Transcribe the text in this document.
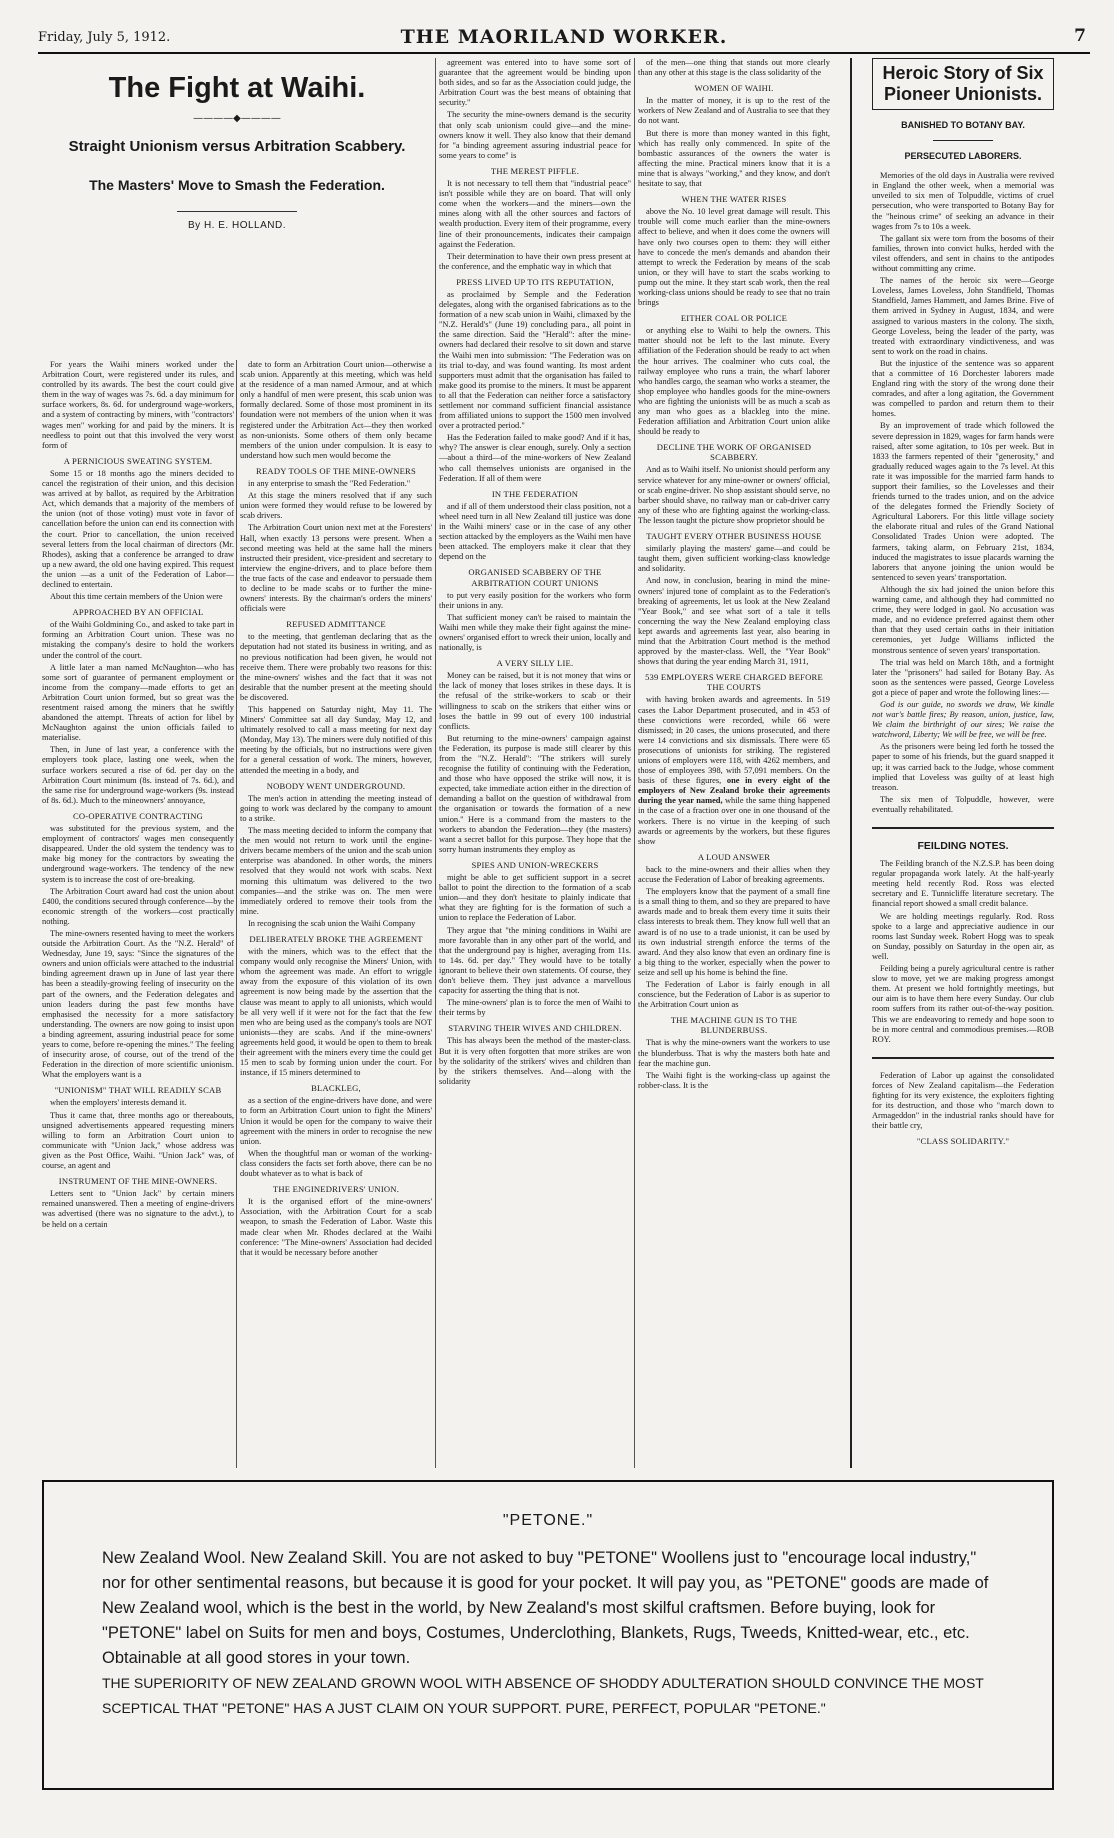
Friday, July 5, 1912.	THE MAORILAND WORKER.	7
The Fight at Waihi.
————◆————
Straight Unionism versus Arbitration Scabbery.
The Masters' Move to Smash the Federation.
By H. E. HOLLAND.

For years the Waihi miners worked under the Arbitration Court, were registered under its rules, and controlled by its awards. The best the court could give them in the way of wages was 7s. 6d. a day minimum for surface workers, 8s. 6d. for underground wage-workers, and a system of contracting by miners, with "contractors' wages men" working for and paid by the miners. It is needless to point out that this involved the very worst form of

A PERNICIOUS SWEATING SYSTEM.

Some 15 or 18 months ago the miners decided to cancel the registration of their union, and this decision was arrived at by ballot, as required by the Arbitration Act, which demands that a majority of the members of the union (not of those voting) must vote in favor of cancellation before the union can end its connection with the court. Prior to cancellation, the union received several letters from the local chairman of directors (Mr. Rhodes), asking that a conference be arranged to draw up a new award, the old one having expired. This request the union —as a unit of the Federation of Labor—declined to entertain.

About this time certain members of the Union were

APPROACHED BY AN OFFICIAL

of the Waihi Goldmining Co., and asked to take part in forming an Arbitration Court union. These was no mistaking the company's desire to hold the workers under the control of the court.

A little later a man named McNaughton—who has some sort of guarantee of permanent employment or income from the company—made efforts to get an Arbitration Court union formed, but so great was the resentment raised among the miners that he swiftly abandoned the attempt. Threats of action for libel by McNaughton against the union officials failed to materialise.

Then, in June of last year, a conference with the employers took place, lasting one week, when the surface workers secured a rise of 6d. per day on the Arbitration Court minimum (8s. instead of 7s. 6d.), and the same rise for underground wage-workers (9s. instead of 8s. 6d.). Much to the mineowners' annoyance,

CO-OPERATIVE CONTRACTING

was substituted for the previous system, and the employment of contractors' wages men consequently disappeared. Under the old system the tendency was to make big money for the contractors by sweating the underground wage-workers. The tendency of the new system is to increase the cost of ore-breaking.

The Arbitration Court award had cost the union about £400, the conditions secured through conference—by the economic strength of the workers—cost practically nothing.

The mine-owners resented having to meet the workers outside the Arbitration Court. As the "N.Z. Herald" of Wednesday, June 19, says: "Since the signatures of the owners and union officials were attached to the industrial binding agreement drawn up in June of last year there has been a steadily-growing feeling of insecurity on the part of the owners, and the Federation delegates and union leaders during the past few months have emphasised the necessity for a more satisfactory understanding. The owners are now going to insist upon a binding agreement, assuring industrial peace for some years to come, before re-opening the mines." The feeling of insecurity arose, of course, out of the trend of the Federation in the direction of more scientific unionism. What the employers want is a

"UNIONISM" THAT WILL READILY SCAB

when the employers' interests demand it.

Thus it came that, three months ago or thereabouts, unsigned advertisements appeared requesting miners willing to form an Arbitration Court union to communicate with "Union Jack," whose address was given as the Post Office, Waihi. "Union Jack" was, of course, an agent and

INSTRUMENT OF THE MINE-OWNERS.

Letters sent to "Union Jack" by certain miners remained unanswered. Then a meeting of engine-drivers was advertised (there was no signature to the advt.), to be held on a certain

date to form an Arbitration Court union—otherwise a scab union. Apparently at this meeting, which was held at the residence of a man named Armour, and at which only a handful of men were present, this scab union was formally declared. Some of those most prominent in its foundation were not members of the union when it was registered under the Arbitration Act—they then worked as non-unionists. Some others of them only became members of the union under compulsion. It is easy to understand how such men would become the

READY TOOLS OF THE MINE-OWNERS

in any enterprise to smash the "Red Federation."

At this stage the miners resolved that if any such union were formed they would refuse to be lowered by scab drivers.

The Arbitration Court union next met at the Foresters' Hall, when exactly 13 persons were present. When a second meeting was held at the same hall the miners instructed their president, vice-president and secretary to interview the engine-drivers, and to place before them the true facts of the case and endeavor to persuade them to decline to be made scabs or to further the mine-owners' interests. By the chairman's orders the miners' officials were

REFUSED ADMITTANCE

to the meeting, that gentleman declaring that as the deputation had not stated its business in writing, and as no previous notification had been given, he would not receive them. There were probably two reasons for this: the mine-owners' wishes and the fact that it was not desirable that the number present at the meeting should be discovered.

This happened on Saturday night, May 11. The Miners' Committee sat all day Sunday, May 12, and ultimately resolved to call a mass meeting for next day (Monday, May 13). The miners were duly notified of this meeting by the officials, but no instructions were given for a general cessation of work. The miners, however, attended the meeting in a body, and

NOBODY WENT UNDERGROUND.

The men's action in attending the meeting instead of going to work was declared by the company to amount to a strike.

The mass meeting decided to inform the company that the men would not return to work until the engine-drivers became members of the union and the scab union enterprise was abandoned. In other words, the miners resolved that they would not work with scabs. Next morning this ultimatum was delivered to the two companies—and the strike was on. The men were immediately ordered to remove their tools from the mine.

In recognising the scab union the Waihi Company

DELIBERATELY BROKE THE AGREEMENT

with the miners, which was to the effect that the company would only recognise the Miners' Union, with whom the agreement was made. An effort to wriggle away from the exposure of this violation of its own agreement is now being made by the assertion that the clause was meant to apply to all unionists, which would be all very well if it were not for the fact that the few men who are being used as the company's tools are NOT unionists—they are scabs. And if the mine-owners' agreements held good, it would be open to them to break their agreement with the miners every time the could get 15 men to scab by forming union under the court. For instance, if 15 miners determined to

BLACKLEG,

as a section of the engine-drivers have done, and were to form an Arbitration Court union to fight the Miners' Union it would be open for the company to waive their agreement with the miners in order to recognise the new union.

When the thoughtful man or woman of the working-class considers the facts set forth above, there can be no doubt whatever as to what is back of

THE ENGINEDRIVERS' UNION.

It is the organised effort of the mine-owners' Association, with the Arbitration Court for a scab weapon, to smash the Federation of Labor. Waste this made clear when Mr. Rhodes declared at the Waihi conference: "The Mine-owners' Association had decided that it would be necessary before another

agreement was entered into to have some sort of guarantee that the agreement would be binding upon both sides, and so far as the Association could judge, the Arbitration Court was the best means of obtaining that security."

The security the mine-owners demand is the security that only scab unionism could give—and the mine-owners know it well. They also know that their demand for "a binding agreement assuring industrial peace for some years to come" is

THE MEREST PIFFLE.

It is not necessary to tell them that "industrial peace" isn't possible while they are on board. That will only come when the workers—and the miners—own the mines along with all the other sources and factors of wealth production. Every item of their programme, every line of their pronouncements, indicates their campaign against the Federation.

Their determination to have their own press present at the conference, and the emphatic way in which that

PRESS LIVED UP TO ITS REPUTATION,

as proclaimed by Semple and the Federation delegates, along with the organised fabrications as to the formation of a new scab union in Waihi, climaxed by the "N.Z. Herald's" (June 19) concluding para., all point in the same direction. Said the "Herald": after the mine-owners had declared their resolve to sit down and starve the Waihi men into submission: "The Federation was on its trial to-day, and was found wanting. Its most ardent supporters must admit that the organisation has failed to make good its promise to the miners. It must be apparent to all that the Federation can neither force a satisfactory settlement nor command sufficient financial assistance from affiliated unions to support the 1500 men involved over a protracted period."

Has the Federation failed to make good? And if it has, why? The answer is clear enough, surely. Only a section—about a third—of the mine-workers of New Zealand who call themselves unionists are organised in the Federation. If all of them were

IN THE FEDERATION

and if all of them understood their class position, not a wheel need turn in all New Zealand till justice was done in the Waihi miners' case or in the case of any other section attacked by the employers as the Waihi men have been attacked. The employers make it clear that they depend on the

ORGANISED SCABBERY OF THE ARBITRATION COURT UNIONS

to put very easily position for the workers who form their unions in any.

That sufficient money can't be raised to maintain the Waihi men while they make their fight against the mine-owners' organised effort to wreck their union, locally and nationally, is

A VERY SILLY LIE.

Money can be raised, but it is not money that wins or the lack of money that loses strikes in these days. It is the refusal of the strike-workers to scab or their willingness to scab on the strikers that either wins or loses the battle in 99 out of every 100 industrial conflicts.

But returning to the mine-owners' campaign against the Federation, its purpose is made still clearer by this from the "N.Z. Herald": "The strikers will surely recognise the futility of continuing with the Federation, and those who have opposed the strike will now, it is expected, take immediate action either in the direction of demanding a ballot on the question of withdrawal from the organisation or towards the formation of a new union." Here is a command from the masters to the workers to abandon the Federation—they (the masters) want a secret ballot for this purpose. They hope that the sorry human instruments they employ as

SPIES AND UNION-WRECKERS

might be able to get sufficient support in a secret ballot to point the direction to the formation of a scab union—and they don't hesitate to plainly indicate that what they are fighting for is the formation of such a union to replace the Federation of Labor.

They argue that "the mining conditions in Waihi are more favorable than in any other part of the world, and that the underground pay is higher, averaging from 11s. to 14s. 6d. per day." They would have to be totally ignorant to believe their own statements. Of course, they don't believe them. They just advance a marvellous capacity for asserting the thing that is not.

The mine-owners' plan is to force the men of Waihi to their terms by

STARVING THEIR WIVES AND CHILDREN.

This has always been the method of the master-class. But it is very often forgotten that more strikes are won by the solidarity of the strikers' wives and children than by the strikers themselves. And—along with the solidarity

of the men—one thing that stands out more clearly than any other at this stage is the class solidarity of the

WOMEN OF WAIHI.

In the matter of money, it is up to the rest of the workers of New Zealand and of Australia to see that they do not want.

But there is more than money wanted in this fight, which has really only commenced. In spite of the bombastic assurances of the owners the water is affecting the mine. Practical miners know that it is a mine that is always "working," and they know, and don't hesitate to say, that

WHEN THE WATER RISES

above the No. 10 level great damage will result. This trouble will come much earlier than the mine-owners affect to believe, and when it does come the owners will have only two courses open to them: they will either have to concede the men's demands and abandon their attempt to wreck the Federation by means of the scab union, or they will have to start the scabs working to pump out the mine. It they start scab work, then the real working-class unions should be ready to see that no train brings

EITHER COAL OR POLICE

or anything else to Waihi to help the owners. This matter should not be left to the last minute. Every affiliation of the Federation should be ready to act when the hour arrives. The coalminer who cuts coal, the railway employee who runs a train, the wharf laborer who handles cargo, the seaman who works a steamer, the shop employee who handles goods for the mine-owners who are fighting the unionists will be as much a scab as any man who goes as a blackleg into the mine. Federation affiliation and Arbitration Court union alike should be ready to

DECLINE THE WORK OF ORGANISED SCABBERY.

And as to Waihi itself. No unionist should perform any service whatever for any mine-owner or owners' official, or scab engine-driver. No shop assistant should serve, no barber should shave, no railway man or cab-driver carry any of these who are fighting against the working-class. The lesson taught the picture show proprietor should be

TAUGHT EVERY OTHER BUSINESS HOUSE

similarly playing the masters' game—and could be taught them, given sufficient working-class knowledge and solidarity.

And now, in conclusion, bearing in mind the mine-owners' injured tone of complaint as to the Federation's breaking of agreements, let us look at the New Zealand "Year Book," and see what sort of a tale it tells concerning the way the New Zealand employing class kept awards and agreements last year, also bearing in mind that the Arbitration Court method is the method approved by the master-class. Well, the "Year Book" shows that during the year ending March 31, 1911,

539 EMPLOYERS WERE CHARGED BEFORE THE COURTS

with having broken awards and agreements. In 519 cases the Labor Department prosecuted, and in 453 of these convictions were recorded, while 66 were dismissed; in 20 cases, the unions prosecuted, and there were 14 convictions and six dismissals. There were 65 prosecutions of unionists for striking. The registered unions of employers were 118, with 4262 members, and those of employees 398, with 57,091 members. On the basis of these figures, one in every eight of the employers of New Zealand broke their agreements during the year named, while the same thing happened in the case of a fraction over one in one thousand of the workers. There is no virtue in the keeping of such awards or agreements by the workers, but these figures show

A LOUD ANSWER

back to the mine-owners and their allies when they accuse the Federation of Labor of breaking agreements.

The employers know that the payment of a small fine is a small thing to them, and so they are prepared to have awards made and to break them every time it suits their class interests to break them. They know full well that an award is of no use to a trade unionist, it can be used by its own industrial strength enforce the terms of the award. And they also know that even an ordinary fine is a big thing to the worker, especially when the power to seize and sell up his home is behind the fine.

The Federation of Labor is fairly enough in all conscience, but the Federation of Labor is as superior to the Arbitration Court union as

THE MACHINE GUN IS TO THE BLUNDERBUSS.

That is why the mine-owners want the workers to use the blunderbuss. That is why the masters both hate and fear the machine gun.

The Waihi fight is the working-class up against the robber-class. It is the

Heroic Story of Six Pioneer Unionists.
BANISHED TO BOTANY BAY.
PERSECUTED LABORERS.

Memories of the old days in Australia were revived in England the other week, when a memorial was unveiled to six men of Tolpuddle, victims of cruel persecution, who were transported to Botany Bay for the "heinous crime" of seeking an advance in their wages from 7s to 10s a week.

The gallant six were torn from the bosoms of their families, thrown into convict hulks, herded with the vilest offenders, and sent in chains to the antipodes without committing any crime.

The names of the heroic six were—George Loveless, James Loveless, John Standfield, Thomas Standfield, James Hammett, and James Brine. Five of them arrived in Sydney in August, 1834, and were assigned to various masters in the colony. The sixth, George Loveless, being the leader of the party, was treated with extraordinary vindictiveness, and was sent to work on the road in chains.

But the injustice of the sentence was so apparent that a committee of 16 Dorchester laborers made England ring with the story of the wrong done their comrades, and after a long agitation, the Government was compelled to pardon and return them to their homes.

By an improvement of trade which followed the severe depression in 1829, wages for farm hands were raised, after some agitation, to 10s per week. But in 1833 the farmers repented of their "generosity," and gradually reduced wages again to the 7s level. At this rate it was impossible for the married farm hands to support their families, so the Lovelesses and their friends turned to the trades union, and on the advice of the delegates formed the Friendly Society of Agricultural Laborers. For this little village society the elaborate ritual and rules of the Grand National Consolidated Trades Union were adopted. The farmers, taking alarm, on February 21st, 1834, induced the magistrates to issue placards warning the laborers that anyone joining the union would be sentenced to seven years' transportation.

Although the six had joined the union before this warning came, and although they had committed no crime, they were lodged in gaol. No accusation was made, and no evidence preferred against them other than that they used certain oaths in their initiation ceremonies, yet Judge Williams inflicted the monstrous sentence of seven years' transportation.

The trial was held on March 18th, and a fortnight later the "prisoners" had sailed for Botany Bay. As soon as the sentences were passed, George Loveless got a piece of paper and wrote the following lines:—

God is our guide, no swords we draw, We kindle not war's battle fires; By reason, union, justice, law, We claim the birthright of our sires; We raise the watchword, Liberty; We will be free, we will be free.

As the prisoners were being led forth he tossed the paper to some of his friends, but the guard snapped it up; it was carried back to the Judge, whose comment implied that Loveless was guilty of at least high treason.

The six men of Tolpuddle, however, were eventually rehabilitated.

FEILDING NOTES.

The Feilding branch of the N.Z.S.P. has been doing regular propaganda work lately. At the half-yearly meeting held recently Rod. Ross was elected secretary and E. Tunnicliffe literature secretary. The financial report showed a small credit balance.

We are holding meetings regularly. Rod. Ross spoke to a large and appreciative audience in our rooms last Sunday week. Robert Hogg was to speak on Sunday, possibly on Saturday in the open air, as well.

Feilding being a purely agricultural centre is rather slow to move, yet we are making progress amongst them. At present we hold fortnightly meetings, but our aim is to have them here every Sunday. Our club room suffers from its rather out-of-the-way position. This we are endeavoring to remedy and hope soon to be in more central and commodious premises.—ROB ROY.

Federation of Labor up against the consolidated forces of New Zealand capitalism—the Federation fighting for its very existence, the exploiters fighting for its destruction, and those who "march down to Armageddon" in the industrial ranks should have for their battle cry,

"CLASS SOLIDARITY."
"PETONE."
New Zealand Wool. New Zealand Skill. You are not asked to buy "PETONE" Woollens just to "encourage local industry," nor for other sentimental reasons, but because it is good for your pocket. It will pay you, as "PETONE" goods are made of New Zealand wool, which is the best in the world, by New Zealand's most skilful craftsmen. Before buying, look for "PETONE" label on Suits for men and boys, Costumes, Underclothing, Blankets, Rugs, Tweeds, Knitted-wear, etc., etc. Obtainable at all good stores in your town.
THE SUPERIORITY OF NEW ZEALAND GROWN WOOL WITH ABSENCE OF SHODDY ADULTERATION SHOULD CONVINCE THE MOST SCEPTICAL THAT "PETONE" HAS A JUST CLAIM ON YOUR SUPPORT. PURE, PERFECT, POPULAR "PETONE."
